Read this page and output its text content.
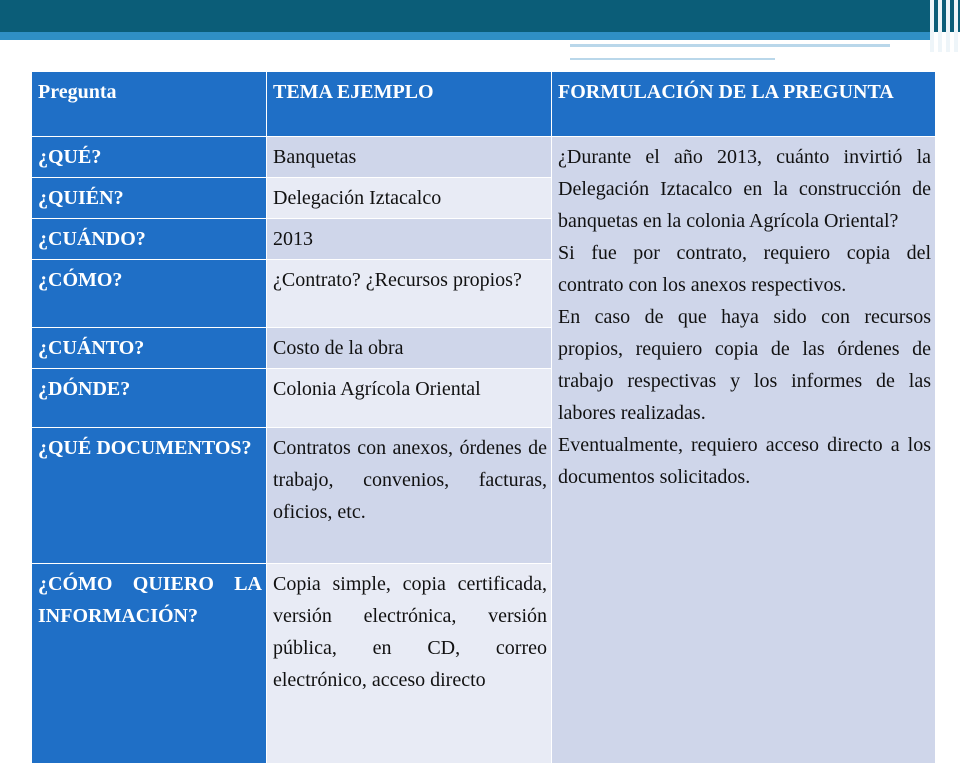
Pregunta	TEMA EJEMPLO	FORMULACIÓN DE LA PREGUNTA
¿QUÉ?	Banquetas	¿Durante el año 2013, cuánto invirtió la Delegación Iztacalco en la construcción de banquetas en la colonia Agrícola Oriental?

Si fue por contrato, requiero copia del contrato con los anexos respectivos.

En caso de que haya sido con recursos propios, requiero copia de las órdenes de trabajo respectivas y los informes de las labores realizadas.

Eventualmente, requiero acceso directo a los documentos solicitados.

¿QUIÉN?	Delegación Iztacalco	
¿CUÁNDO?	2013	
¿CÓMO?	¿Contrato? ¿Recursos propios?	
¿CUÁNTO?	Costo de la obra	
¿DÓNDE?	Colonia Agrícola Oriental	
¿QUÉ DOCUMENTOS?	Contratos con anexos, órdenes de trabajo, convenios, facturas, oficios, etc.	
¿CÓMO QUIERO LA INFORMACIÓN?	Copia simple, copia certificada, versión electrónica, versión pública, en CD, correo electrónico, acceso directo	
